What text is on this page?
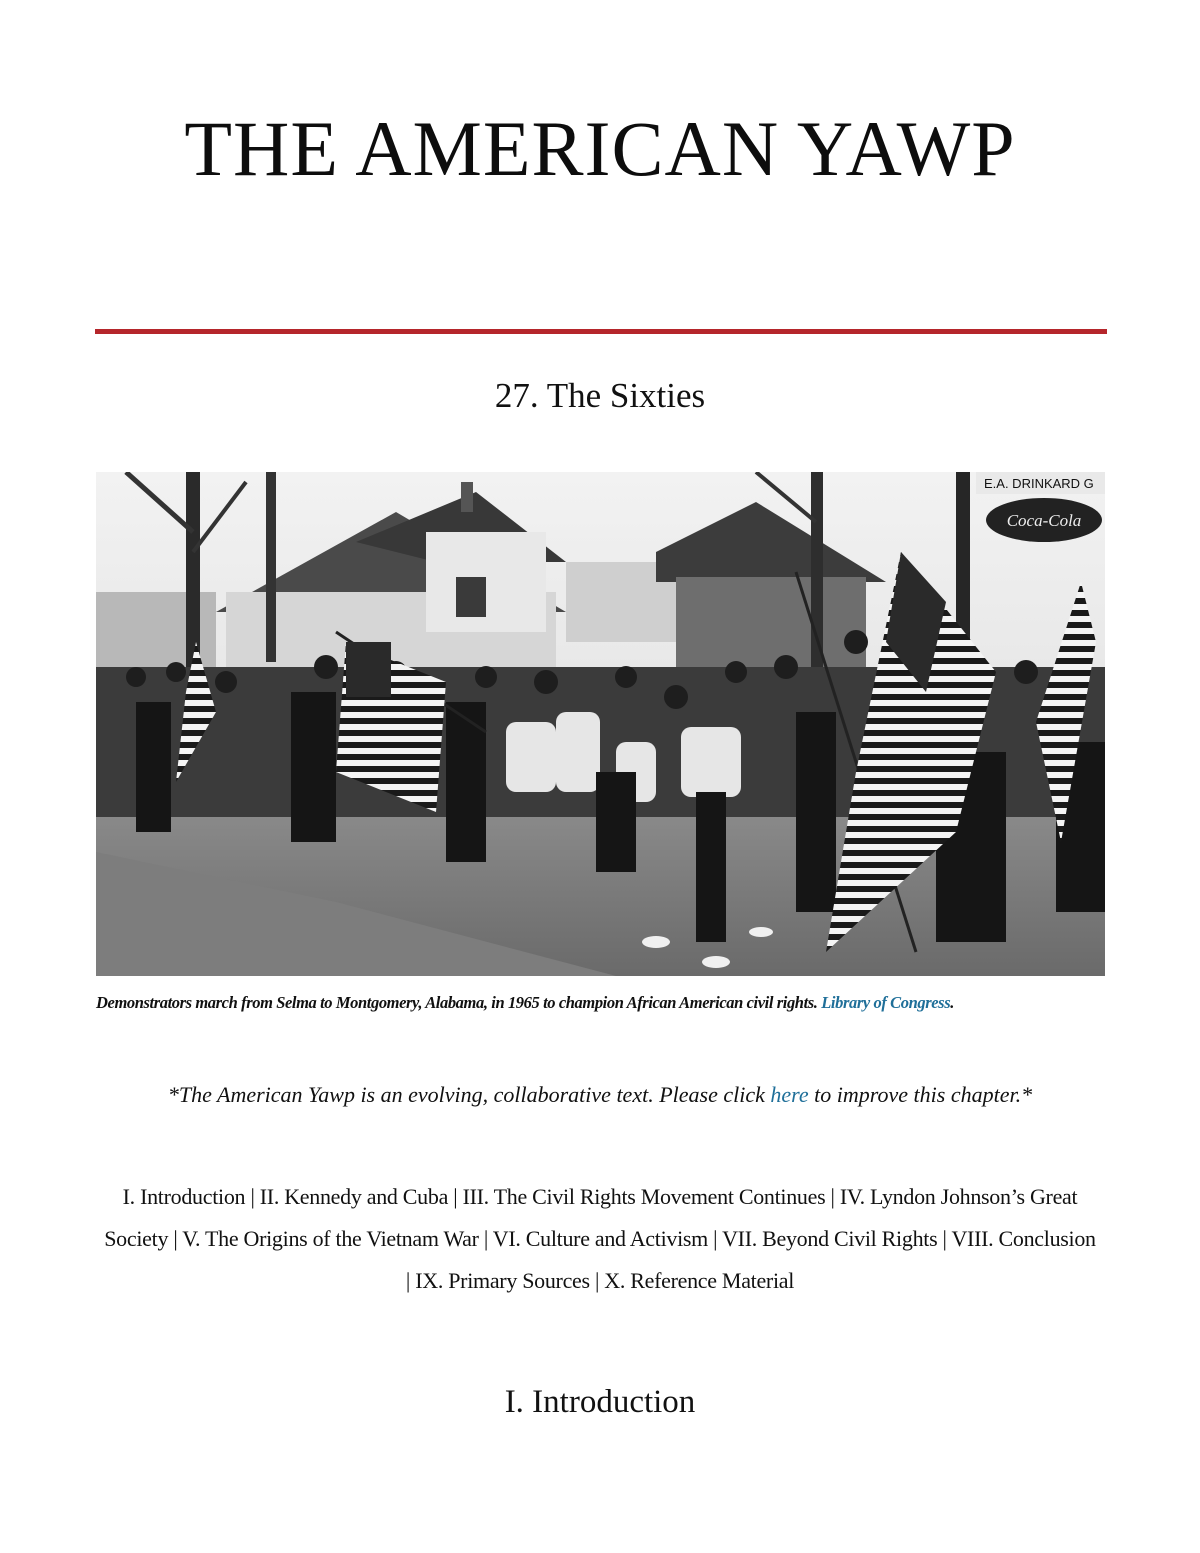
THE AMERICAN YAWP
27. The Sixties
E.A. DRINKARD G
Coca-Cola

Demonstrators march from Selma to Montgomery, Alabama, in 1965 to champion African American civil rights. Library of Congress.

*The American Yawp is an evolving, collaborative text. Please click here to improve this chapter.*

I. Introduction | II. Kennedy and Cuba | III. The Civil Rights Movement Continues | IV. Lyndon Johnson’s Great Society | V. The Origins of the Vietnam War | VI. Culture and Activism | VII. Beyond Civil Rights | VIII. Conclusion | IX. Primary Sources | X. Reference Material

I. Introduction
